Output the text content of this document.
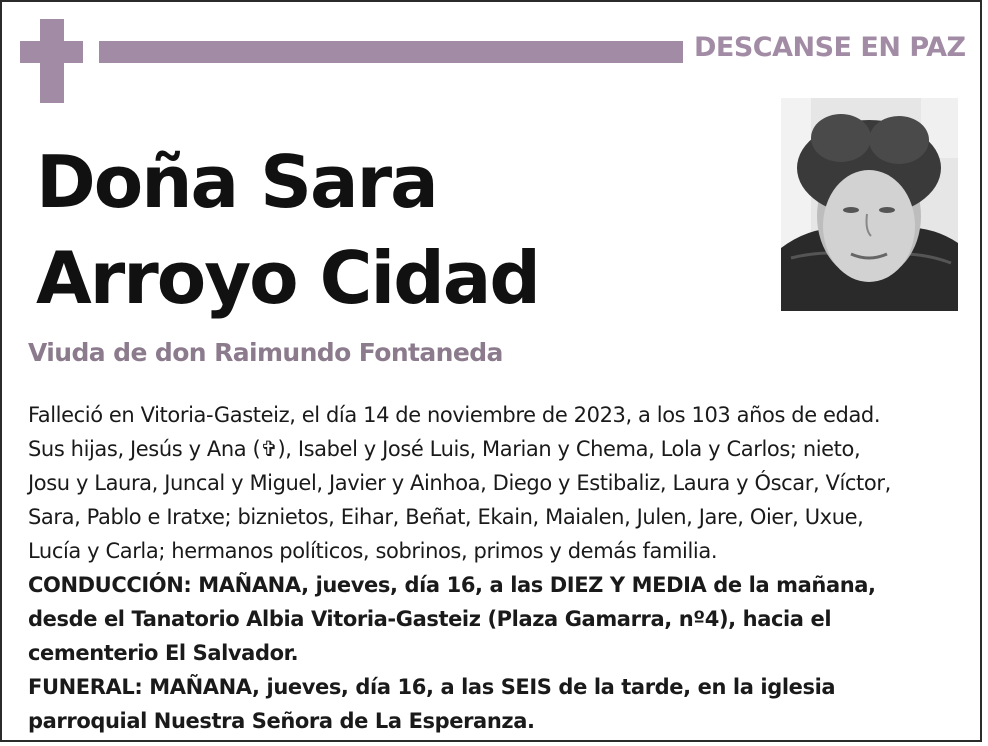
DESCANSE EN PAZ
Doña Sara
Arroyo Cidad
Viuda de don Raimundo Fontaneda
Falleció en Vitoria-Gasteiz, el día 14 de noviembre de 2023, a los 103 años de edad.
Sus hijas, Jesús y Ana (✞), Isabel y José Luis, Marian y Chema, Lola y Carlos; nieto,
Josu y Laura, Juncal y Miguel, Javier y Ainhoa, Diego y Estibaliz, Laura y Óscar, Víctor,
Sara, Pablo e Iratxe; biznietos, Eihar, Beñat, Ekain, Maialen, Julen, Jare, Oier, Uxue,
Lucía y Carla; hermanos políticos, sobrinos, primos y demás familia.
CONDUCCIÓN: MAÑANA, jueves, día 16, a las DIEZ Y MEDIA de la mañana,
desde el Tanatorio Albia Vitoria-Gasteiz (Plaza Gamarra, nº4), hacia el
cementerio El Salvador.
FUNERAL: MAÑANA, jueves, día 16, a las SEIS de la tarde, en la iglesia
parroquial Nuestra Señora de La Esperanza.
